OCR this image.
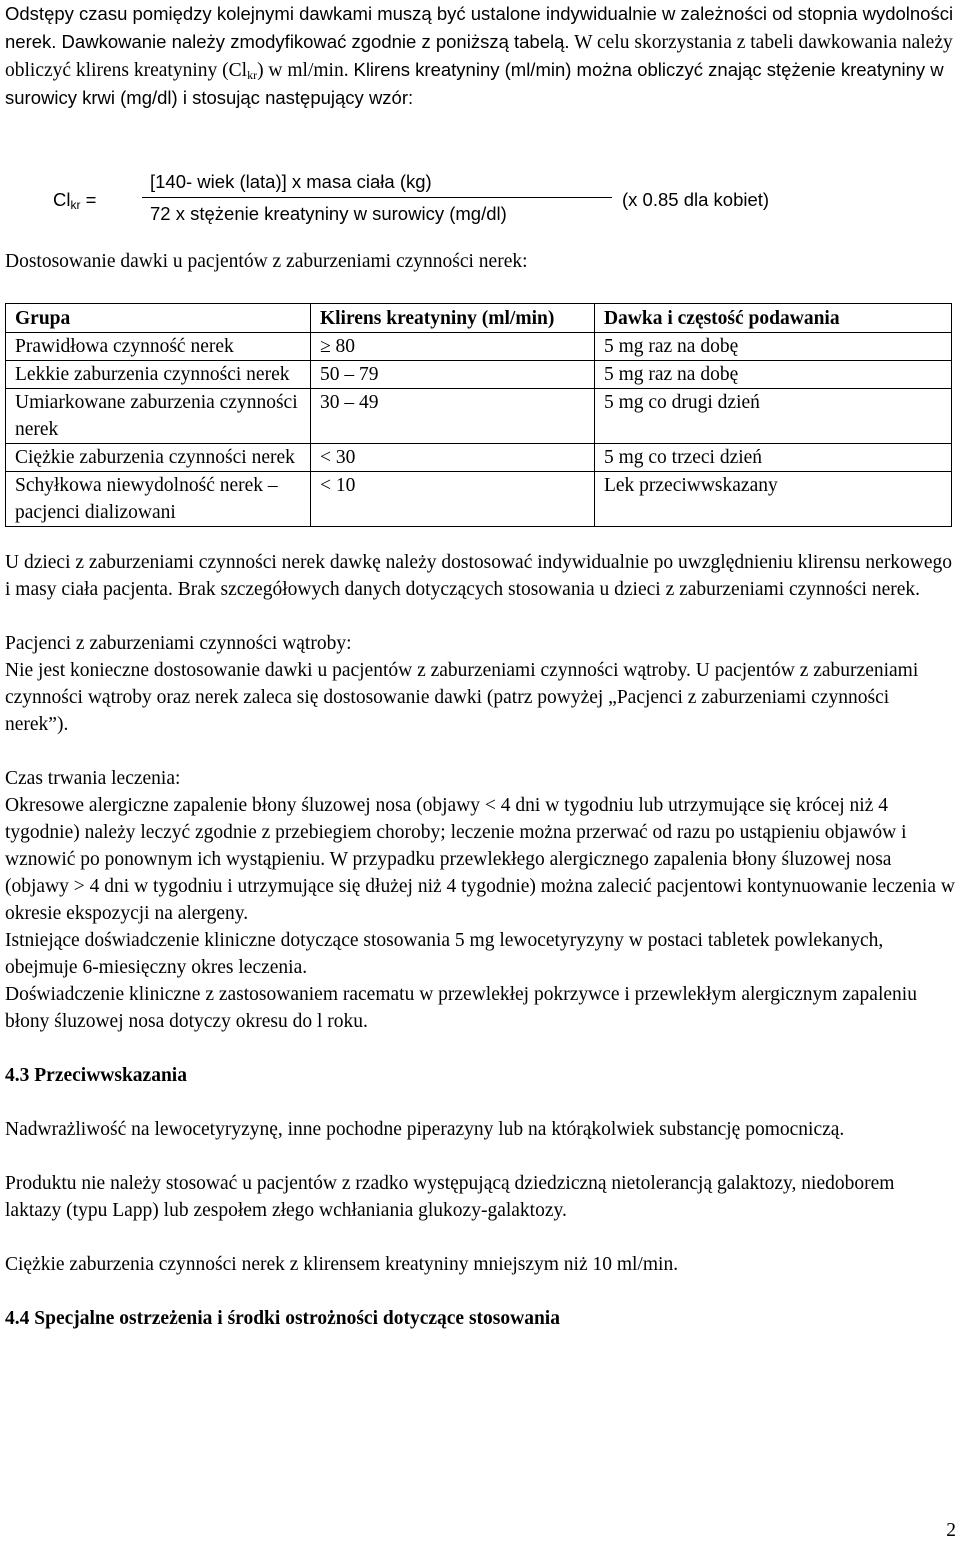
Odstępy czasu pomiędzy kolejnymi dawkami muszą być ustalone indywidualnie w zależności od stopnia wydolności nerek. Dawkowanie należy zmodyfikować zgodnie z poniższą tabelą. W celu skorzystania z tabeli dawkowania należy obliczyć klirens kreatyniny $(Cl_{kr})$ w ml/min. Klirens kreatyniny (ml/min) można obliczyć znając stężenie kreatyniny w surowicy krwi (mg/dl) i stosując następujący wzór:

$Cl_{kr}$ =
[140- wiek (lata)] x masa ciała (kg)
72 x stężenie kreatyniny w surowicy (mg/dl)
(x 0.85 dla kobiet)

Dostosowanie dawki u pacjentów z zaburzeniami czynności nerek:

Grupa	Klirens kreatyniny (ml/min)	Dawka i częstość podawania
Prawidłowa czynność nerek	≥ 80	5 mg raz na dobę
Lekkie zaburzenia czynności nerek	50 – 79	5 mg raz na dobę
Umiarkowane zaburzenia czynności nerek	30 – 49	5 mg co drugi dzień
Ciężkie zaburzenia czynności nerek	< 30	5 mg co trzeci dzień
Schyłkowa niewydolność nerek – pacjenci dializowani	< 10	Lek przeciwwskazany

U dzieci z zaburzeniami czynności nerek dawkę należy dostosować indywidualnie po uwzględnieniu klirensu nerkowego i masy ciała pacjenta. Brak szczegółowych danych dotyczących stosowania u dzieci z zaburzeniami czynności nerek.

Pacjenci z zaburzeniami czynności wątroby:

Nie jest konieczne dostosowanie dawki u pacjentów z zaburzeniami czynności wątroby. U pacjentów z zaburzeniami czynności wątroby oraz nerek zaleca się dostosowanie dawki (patrz powyżej „Pacjenci z zaburzeniami czynności nerek”).

Czas trwania leczenia:

Okresowe alergiczne zapalenie błony śluzowej nosa (objawy < 4 dni w tygodniu lub utrzymujące się krócej niż 4 tygodnie) należy leczyć zgodnie z przebiegiem choroby; leczenie można przerwać od razu po ustąpieniu objawów i wznowić po ponownym ich wystąpieniu. W przypadku przewlekłego alergicznego zapalenia błony śluzowej nosa (objawy > 4 dni w tygodniu i utrzymujące się dłużej niż 4 tygodnie) można zalecić pacjentowi kontynuowanie leczenia w okresie ekspozycji na alergeny.

Istniejące doświadczenie kliniczne dotyczące stosowania 5 mg lewocetyryzyny w postaci tabletek powlekanych, obejmuje 6-miesięczny okres leczenia.

Doświadczenie kliniczne z zastosowaniem racematu w przewlekłej pokrzywce i przewlekłym alergicznym zapaleniu błony śluzowej nosa dotyczy okresu do l roku.

4.3 Przeciwwskazania

Nadwrażliwość na lewocetyryzynę, inne pochodne piperazyny lub na którąkolwiek substancję pomocniczą.

Produktu nie należy stosować u pacjentów z rzadko występującą dziedziczną nietolerancją galaktozy, niedoborem laktazy (typu Lapp) lub zespołem złego wchłaniania glukozy-galaktozy.

Ciężkie zaburzenia czynności nerek z klirensem kreatyniny mniejszym niż 10 ml/min.

4.4 Specjalne ostrzeżenia i środki ostrożności dotyczące stosowania

2
